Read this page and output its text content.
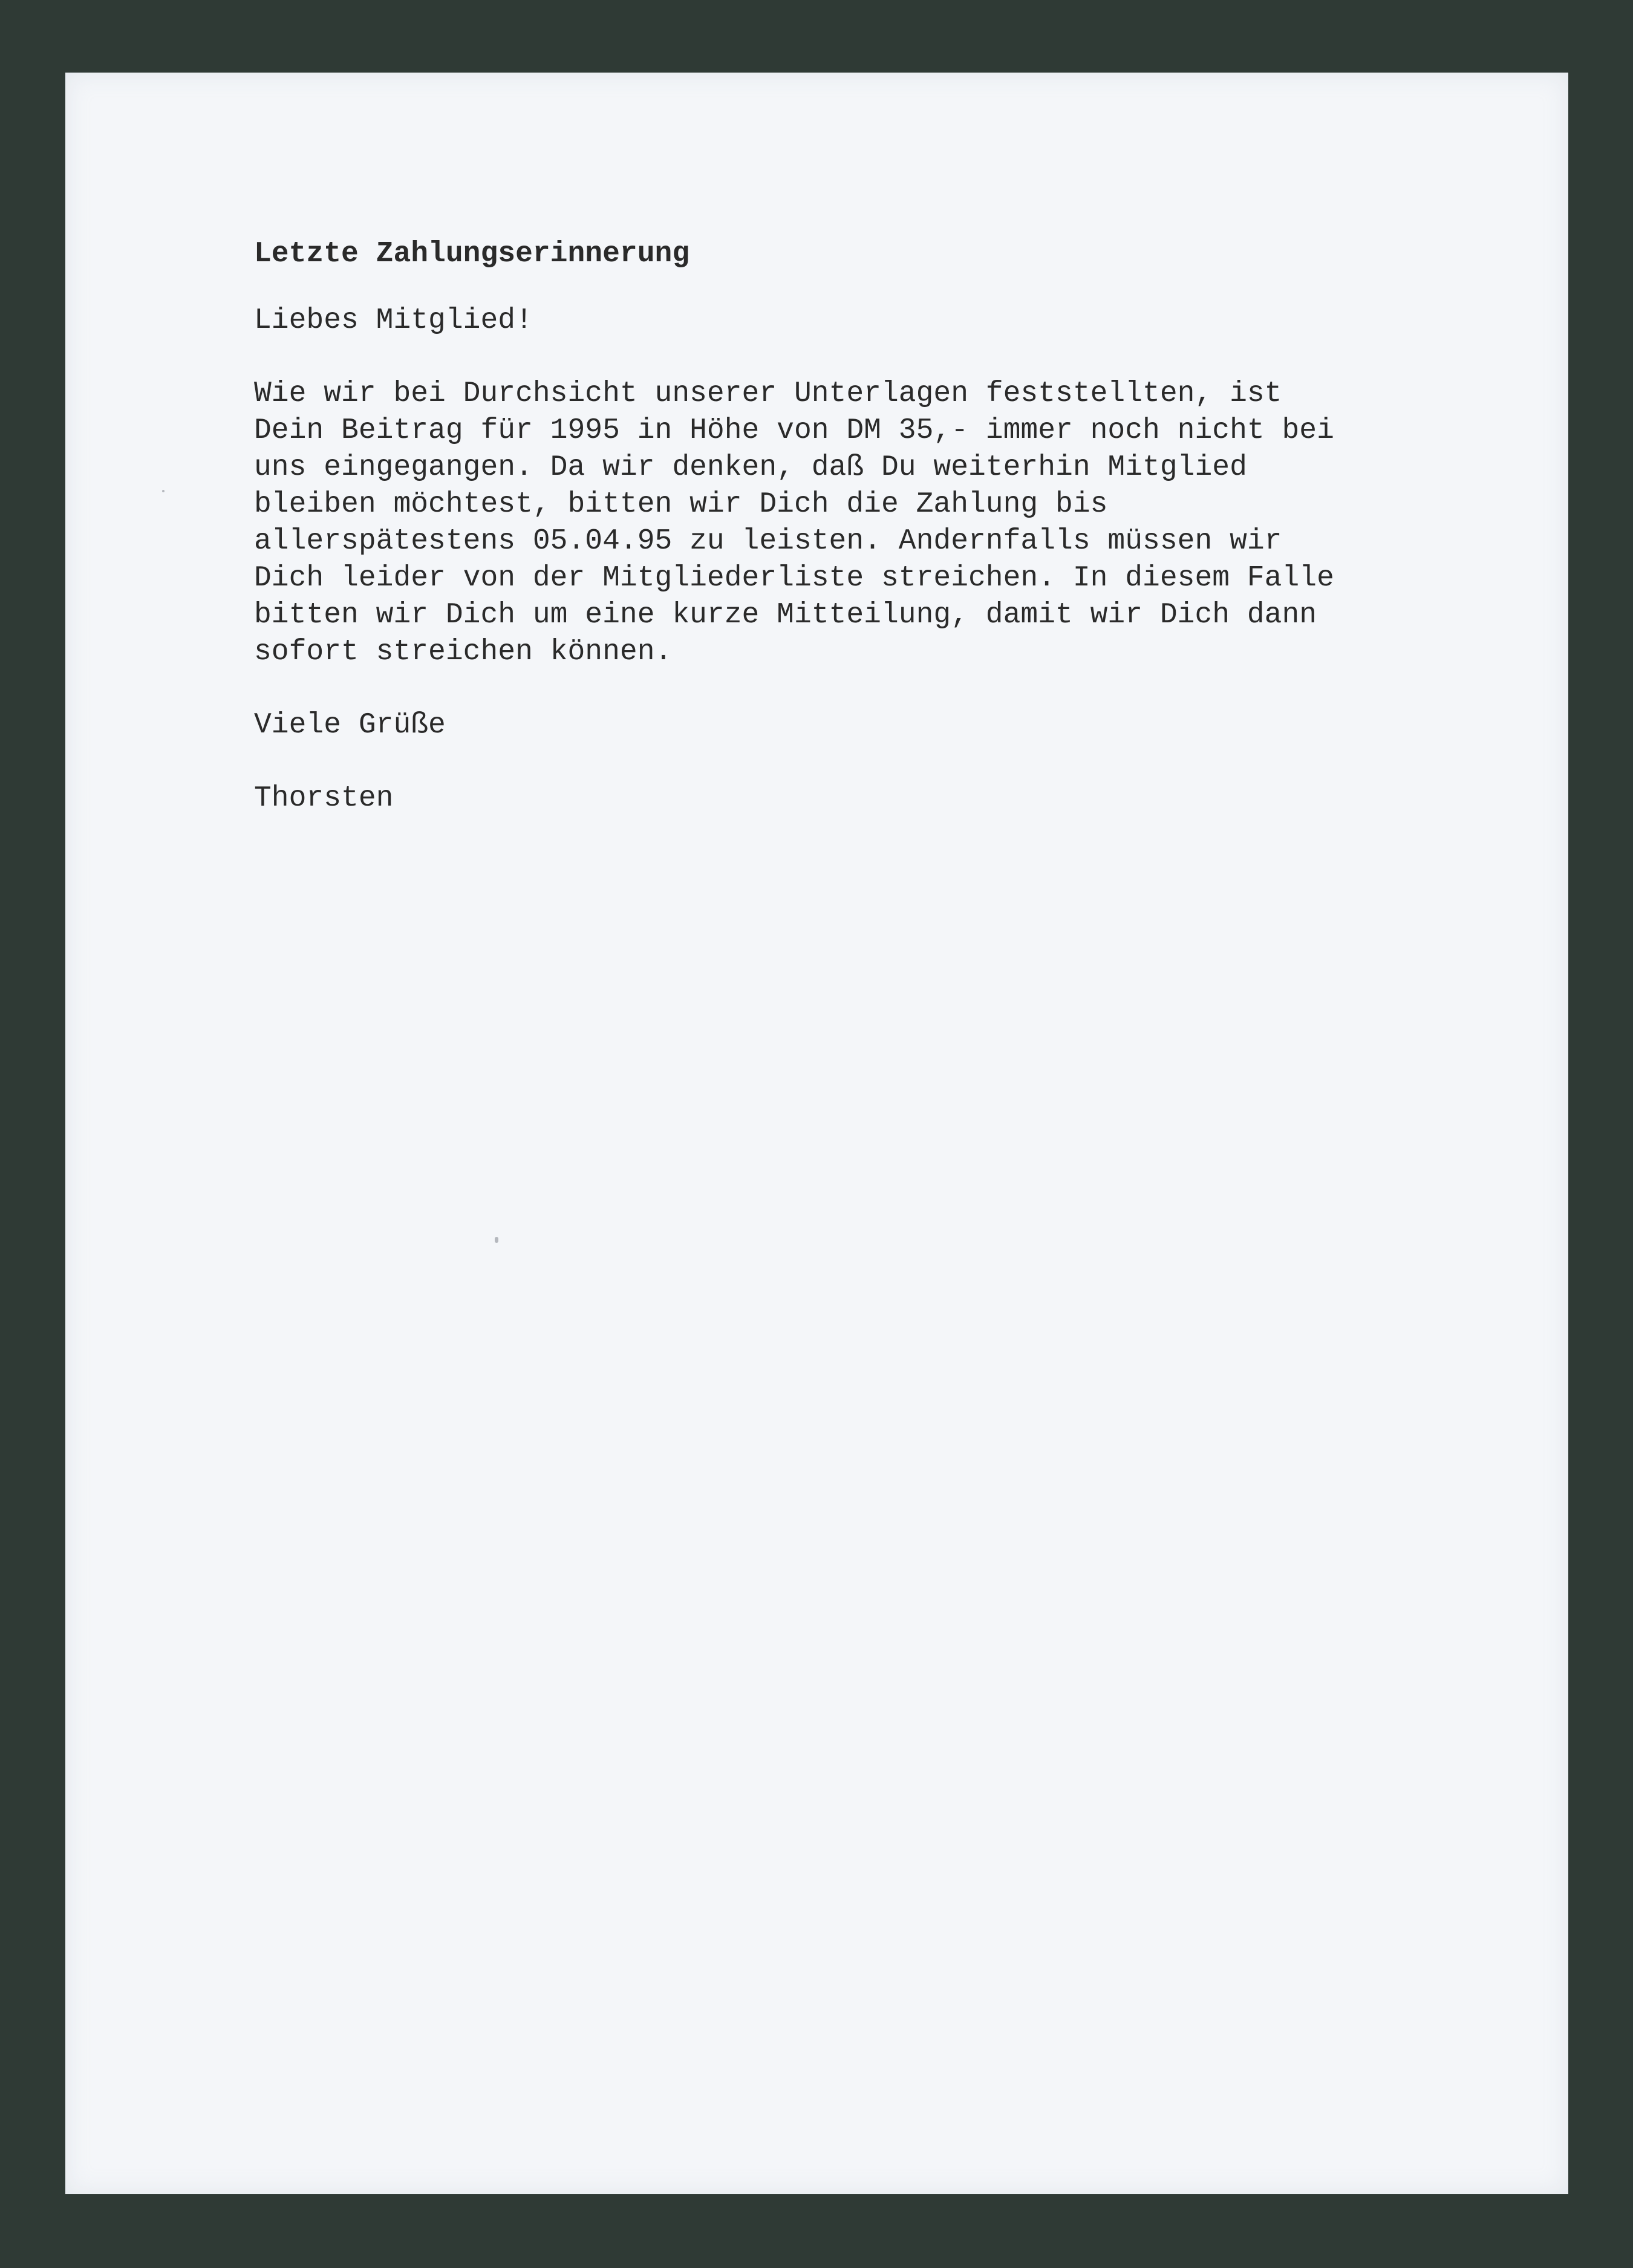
Letzte Zahlungserinnerung
Liebes Mitglied!
Wie wir bei Durchsicht unserer Unterlagen feststellten, ist
Dein Beitrag für 1995 in Höhe von DM 35,- immer noch nicht bei
uns eingegangen. Da wir denken, daß Du weiterhin Mitglied
bleiben möchtest, bitten wir Dich die Zahlung bis
allerspätestens 05.04.95 zu leisten. Andernfalls müssen wir
Dich leider von der Mitgliederliste streichen. In diesem Falle
bitten wir Dich um eine kurze Mitteilung, damit wir Dich dann
sofort streichen können.
Viele Grüße
Thorsten
